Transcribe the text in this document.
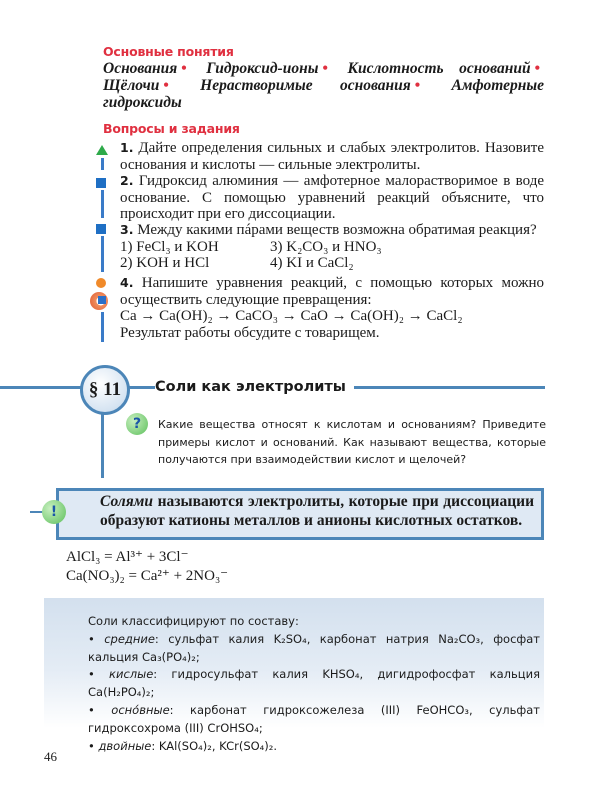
Основные понятия
Основания • Гидроксид-ионы • Кислотность оснований • Щёлочи • Нерастворимые основания • Амфотерные гидроксиды
Вопросы и задания
1. Дайте определения сильных и слабых электролитов. Назовите основания и кислоты — сильные электролиты.
2. Гидроксид алюминия — амфотерное малорастворимое в воде основание. С помощью уравнений реакций объясните, что происходит при его диссоциации.
3. Между какими пáрами веществ возможна обратимая реакция?
1) FeCl₃ и KOH	3) K₂CO₃ и HNO₃
2) KOH и HCl	4) KI и CaCl₂
4. Напишите уравнения реакций, с помощью которых можно осуществить следующие превращения:
Ca → Ca(OH)₂ → CaCO₃ → CaO → Ca(OH)₂ → CaCl₂
Результат работы обсудите с товарищем.
§ 11	Соли как электролиты
?	Какие вещества относят к кислотам и основаниям? Приведите примеры кислот и оснований. Как называют вещества, которые получаются при взаимодействии кислот и щелочей?
!
Солями называются электролиты, которые при диссоциации образуют катионы металлов и анионы кислотных остатков.
AlCl₃ = Al³⁺ + 3Cl⁻
Ca(NO₃)₂ = Ca²⁺ + 2NO₃⁻
Соли классифицируют по составу:
• средние: сульфат калия K₂SO₄, карбонат натрия Na₂CO₃, фосфат кальция Ca₃(PO₄)₂;
• кислые: гидросульфат калия KHSO₄, дигидрофосфат кальция Ca(H₂PO₄)₂;
• осно́вные: карбонат гидроксожелеза (III) FeOHCO₃, сульфат гидроксохрома (III) CrOHSO₄;
• двойные: KAl(SO₄)₂, KCr(SO₄)₂.
46
